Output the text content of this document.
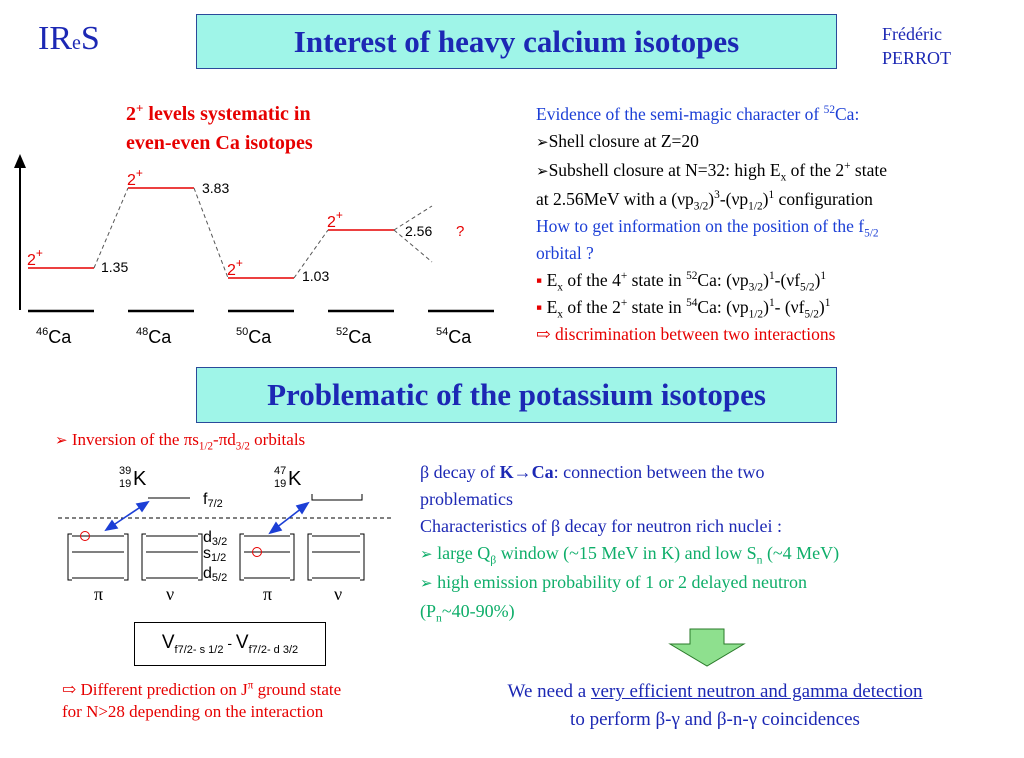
IReS	Interest of heavy calcium isotopes	Frédéric
PERROT
2+ levels systematic in
even-even Ca isotopes
2+
2+
2+
2+
1.35
3.83
1.03
2.56 ?
$^{46}$Ca	$^{48}$Ca	$^{50}$Ca	$^{52}$Ca	$^{54}$Ca
Evidence of the semi-magic character of $^{52}$Ca:
➢Shell closure at Z=20
➢Subshell closure at N=32: high $E_x$ of the 2+ state
at 2.56MeV with a $(\nu p_{3/2})^3-(\nu p_{1/2})^1$ configuration
How to get information on the position of the $f_{5/2}$
orbital ?
▪ $E_x$ of the 4+ state in $^{52}$Ca: $(\nu p_{3/2})^1-(\nu f_{5/2})^1$
▪ $E_x$ of the 2+ state in $^{54}$Ca: $(\nu p_{1/2})^1-$ $(\nu f_{5/2})^1$
⇨ discrimination between two interactions
Problematic of the potassium isotopes
➢ Inversion of the $\pi s_{1/2}-\pi d_{3/2}$ orbitals
39
19 K	47
19 K
f7/2
d3/2
s1/2
d5/2
π	ν	π	ν
$V_{f7/2- s 1/2} - V_{f7/2- d 3/2}$
⇨ Different prediction on $J^\pi$ ground state
for N>28 depending on the interaction
β decay of K→Ca: connection between the two
problematics
Characteristics of β decay for neutron rich nuclei :
➢ large $Q_\beta$ window (~15 MeV in K) and low $S_n$ (~4 MeV)
➢ high emission probability of 1 or 2 delayed neutron
$(P_n\sim 40-90\%)$
We need a very efficient neutron and gamma detection
to perform β-γ and β-n-γ coincidences
